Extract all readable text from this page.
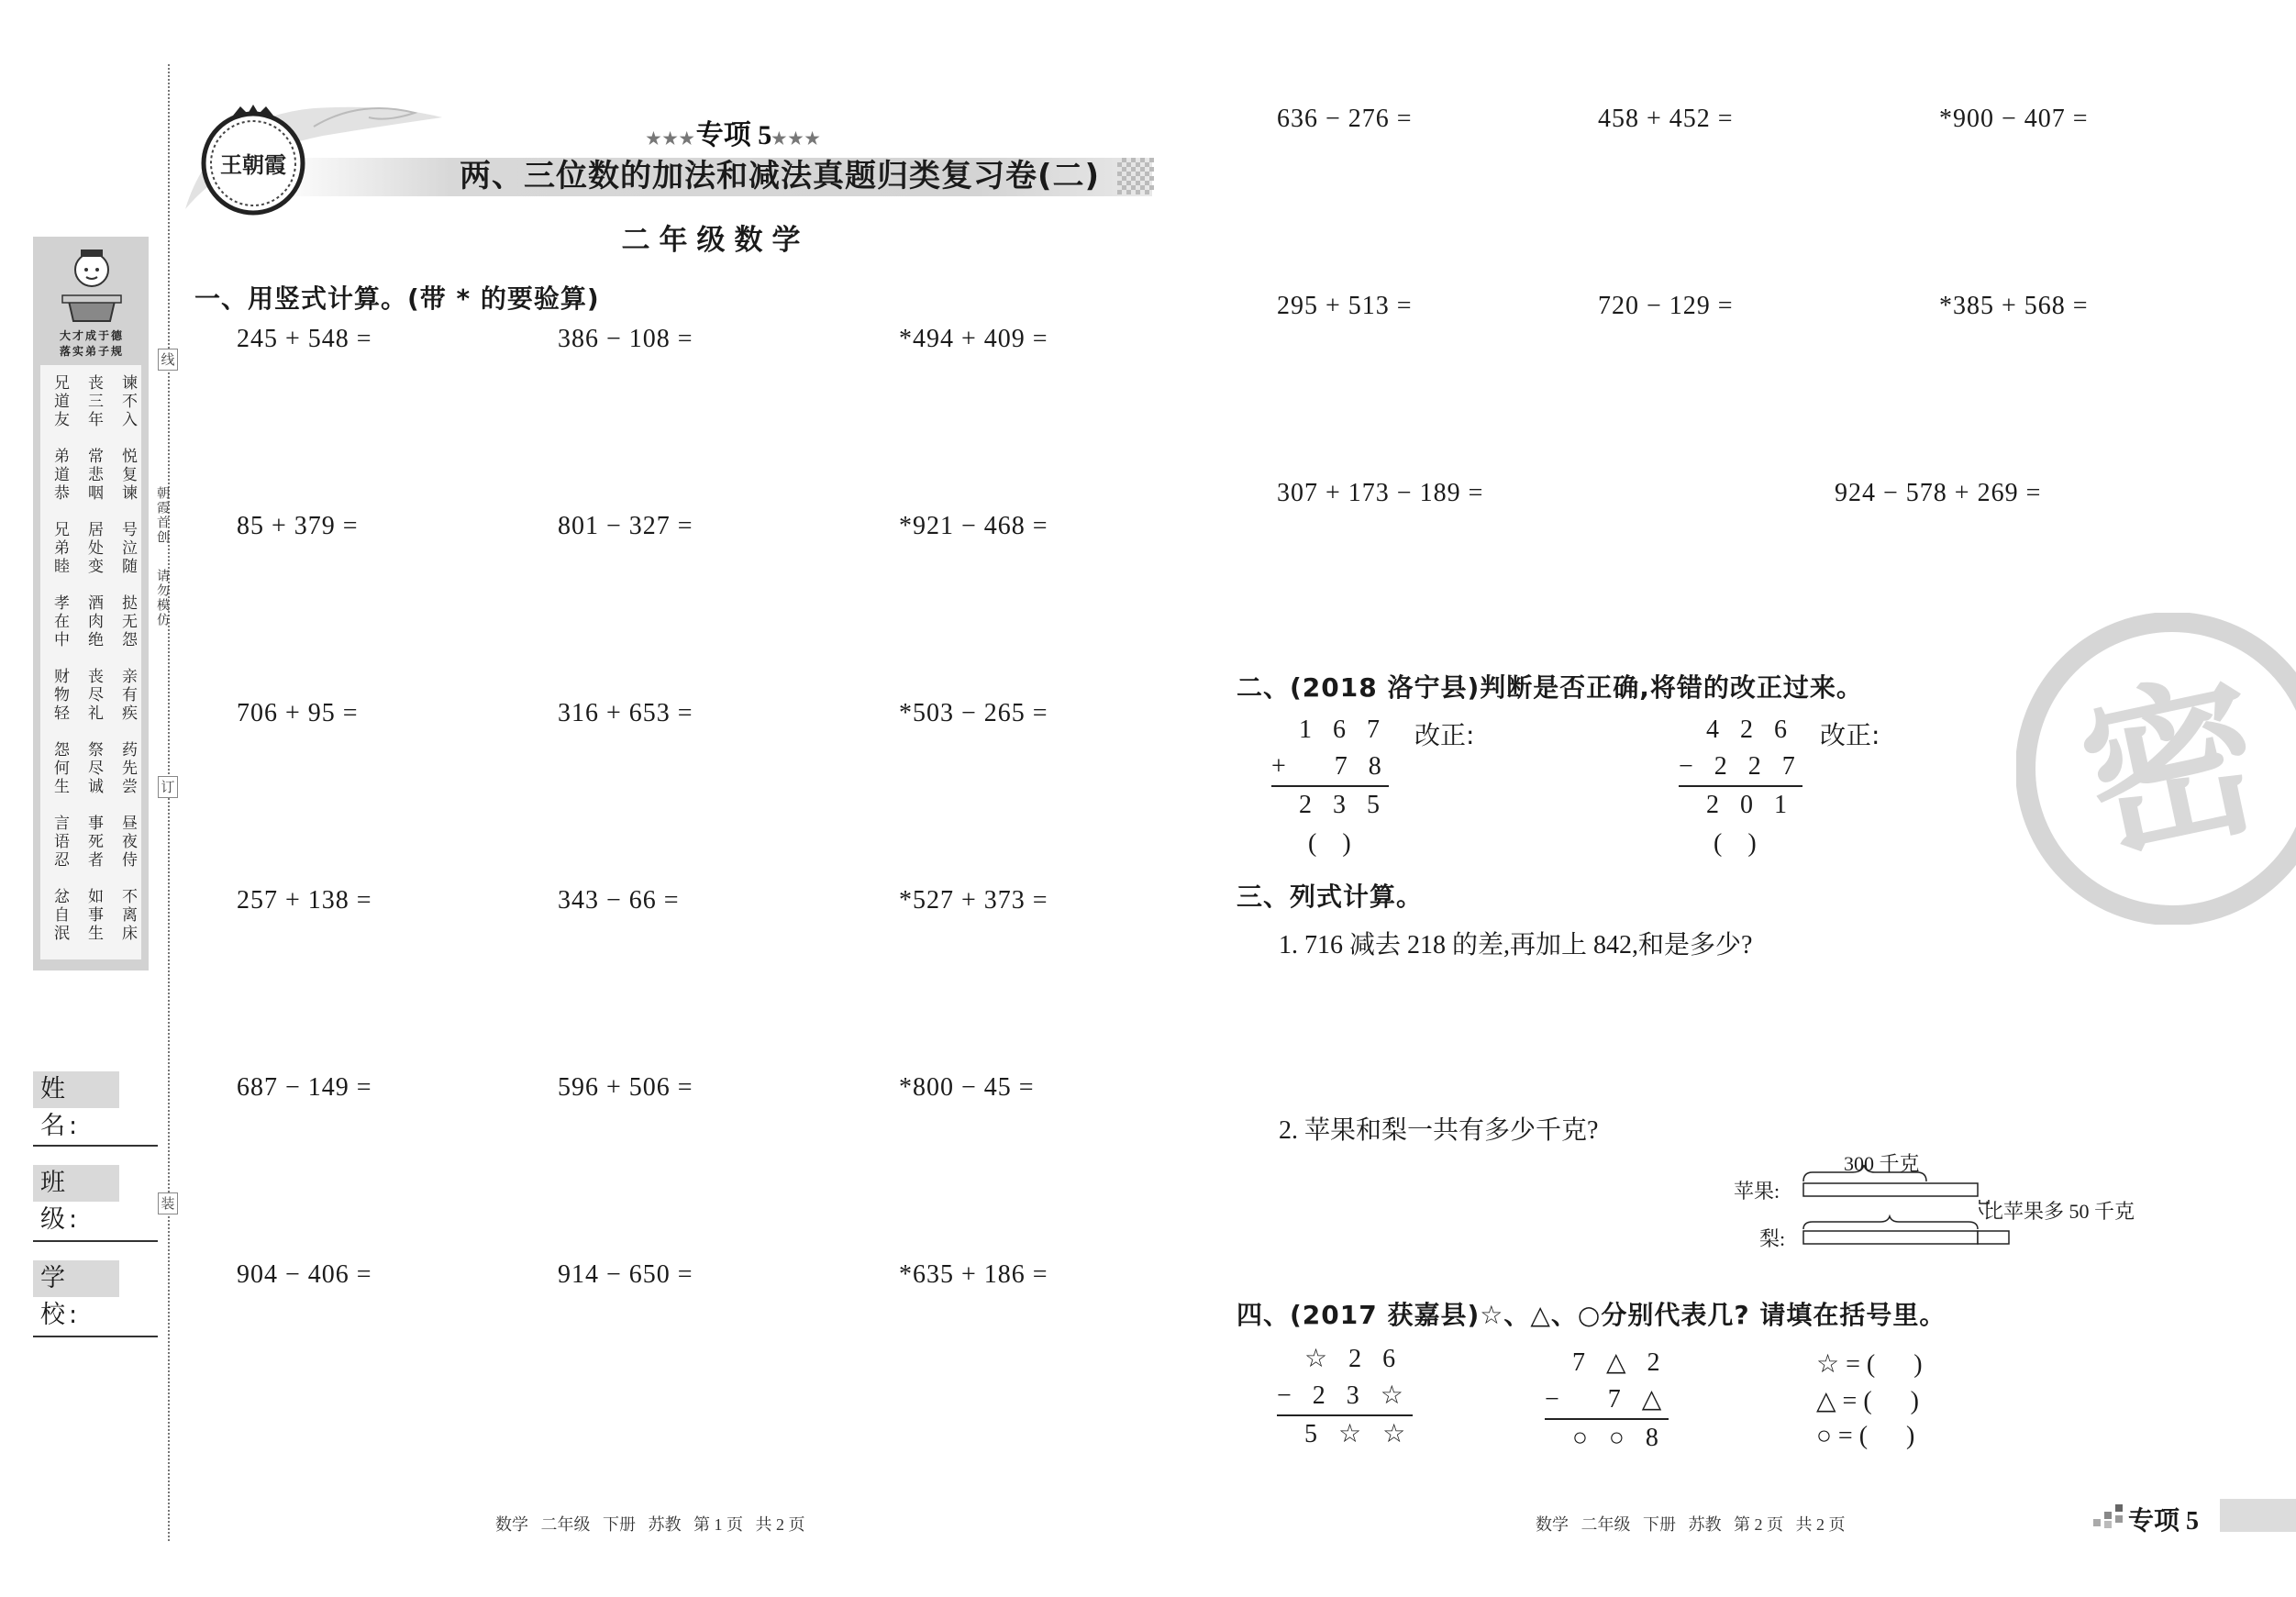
大才成于德
落实弟子规
谏不入
丧三年
兄道友
悦复谏
常悲咽
弟道恭
号泣随
居处变
兄弟睦
挞无怨
酒肉绝
孝在中
亲有疾
丧尽礼
财物轻
药先尝
祭尽诚
怨何生
昼夜侍
事死者
言语忍
不离床
如事生
忿自泯
线
订
装
朝霞首创
请勿模仿
姓 名:
班 级:
学 校:
王朝霞
★★★专项 5★★★
两、三位数的加法和减法真题归类复习卷(二)
二年级数学
一、用竖式计算。(带 * 的要验算)
245 + 548 =	386 − 108 =	*494 + 409 =
85 + 379 =	801 − 327 =	*921 − 468 =
706 + 95 =	316 + 653 =	*503 − 265 =
257 + 138 =	343 − 66 =	*527 + 373 =
687 − 149 =	596 + 506 =	*800 − 45 =
904 − 406 =	914 − 650 =	*635 + 186 =
636 − 276 =	458 + 452 =	*900 − 407 =
295 + 513 =	720 − 129 =	*385 + 568 =
307 + 173 − 189 =	924 − 578 + 269 =
二、(2018 洛宁县)判断是否正确,将错的改正过来。
1 6 7
+   7 8
2 3 5
改正:
(    )
4 2 6
− 2 2 7
2 0 1
改正:
(    )
三、列式计算。
1. 716 减去 218 的差,再加上 842,和是多少?
2. 苹果和梨一共有多少千克?
300 千克
苹果:
梨:
比苹果多 50 千克
四、(2017 获嘉县)☆、△、○分别代表几? 请填在括号里。
☆ 2 6
− 2 3 ☆
5 ☆ ☆
7 △ 2
−   7 △
○ ○ 8
☆ = (      )
△ = (      )
○ = (      )
密
数学   二年级   下册   苏教   第 1 页   共 2 页	数学   二年级   下册   苏教   第 2 页   共 2 页	专项 5
